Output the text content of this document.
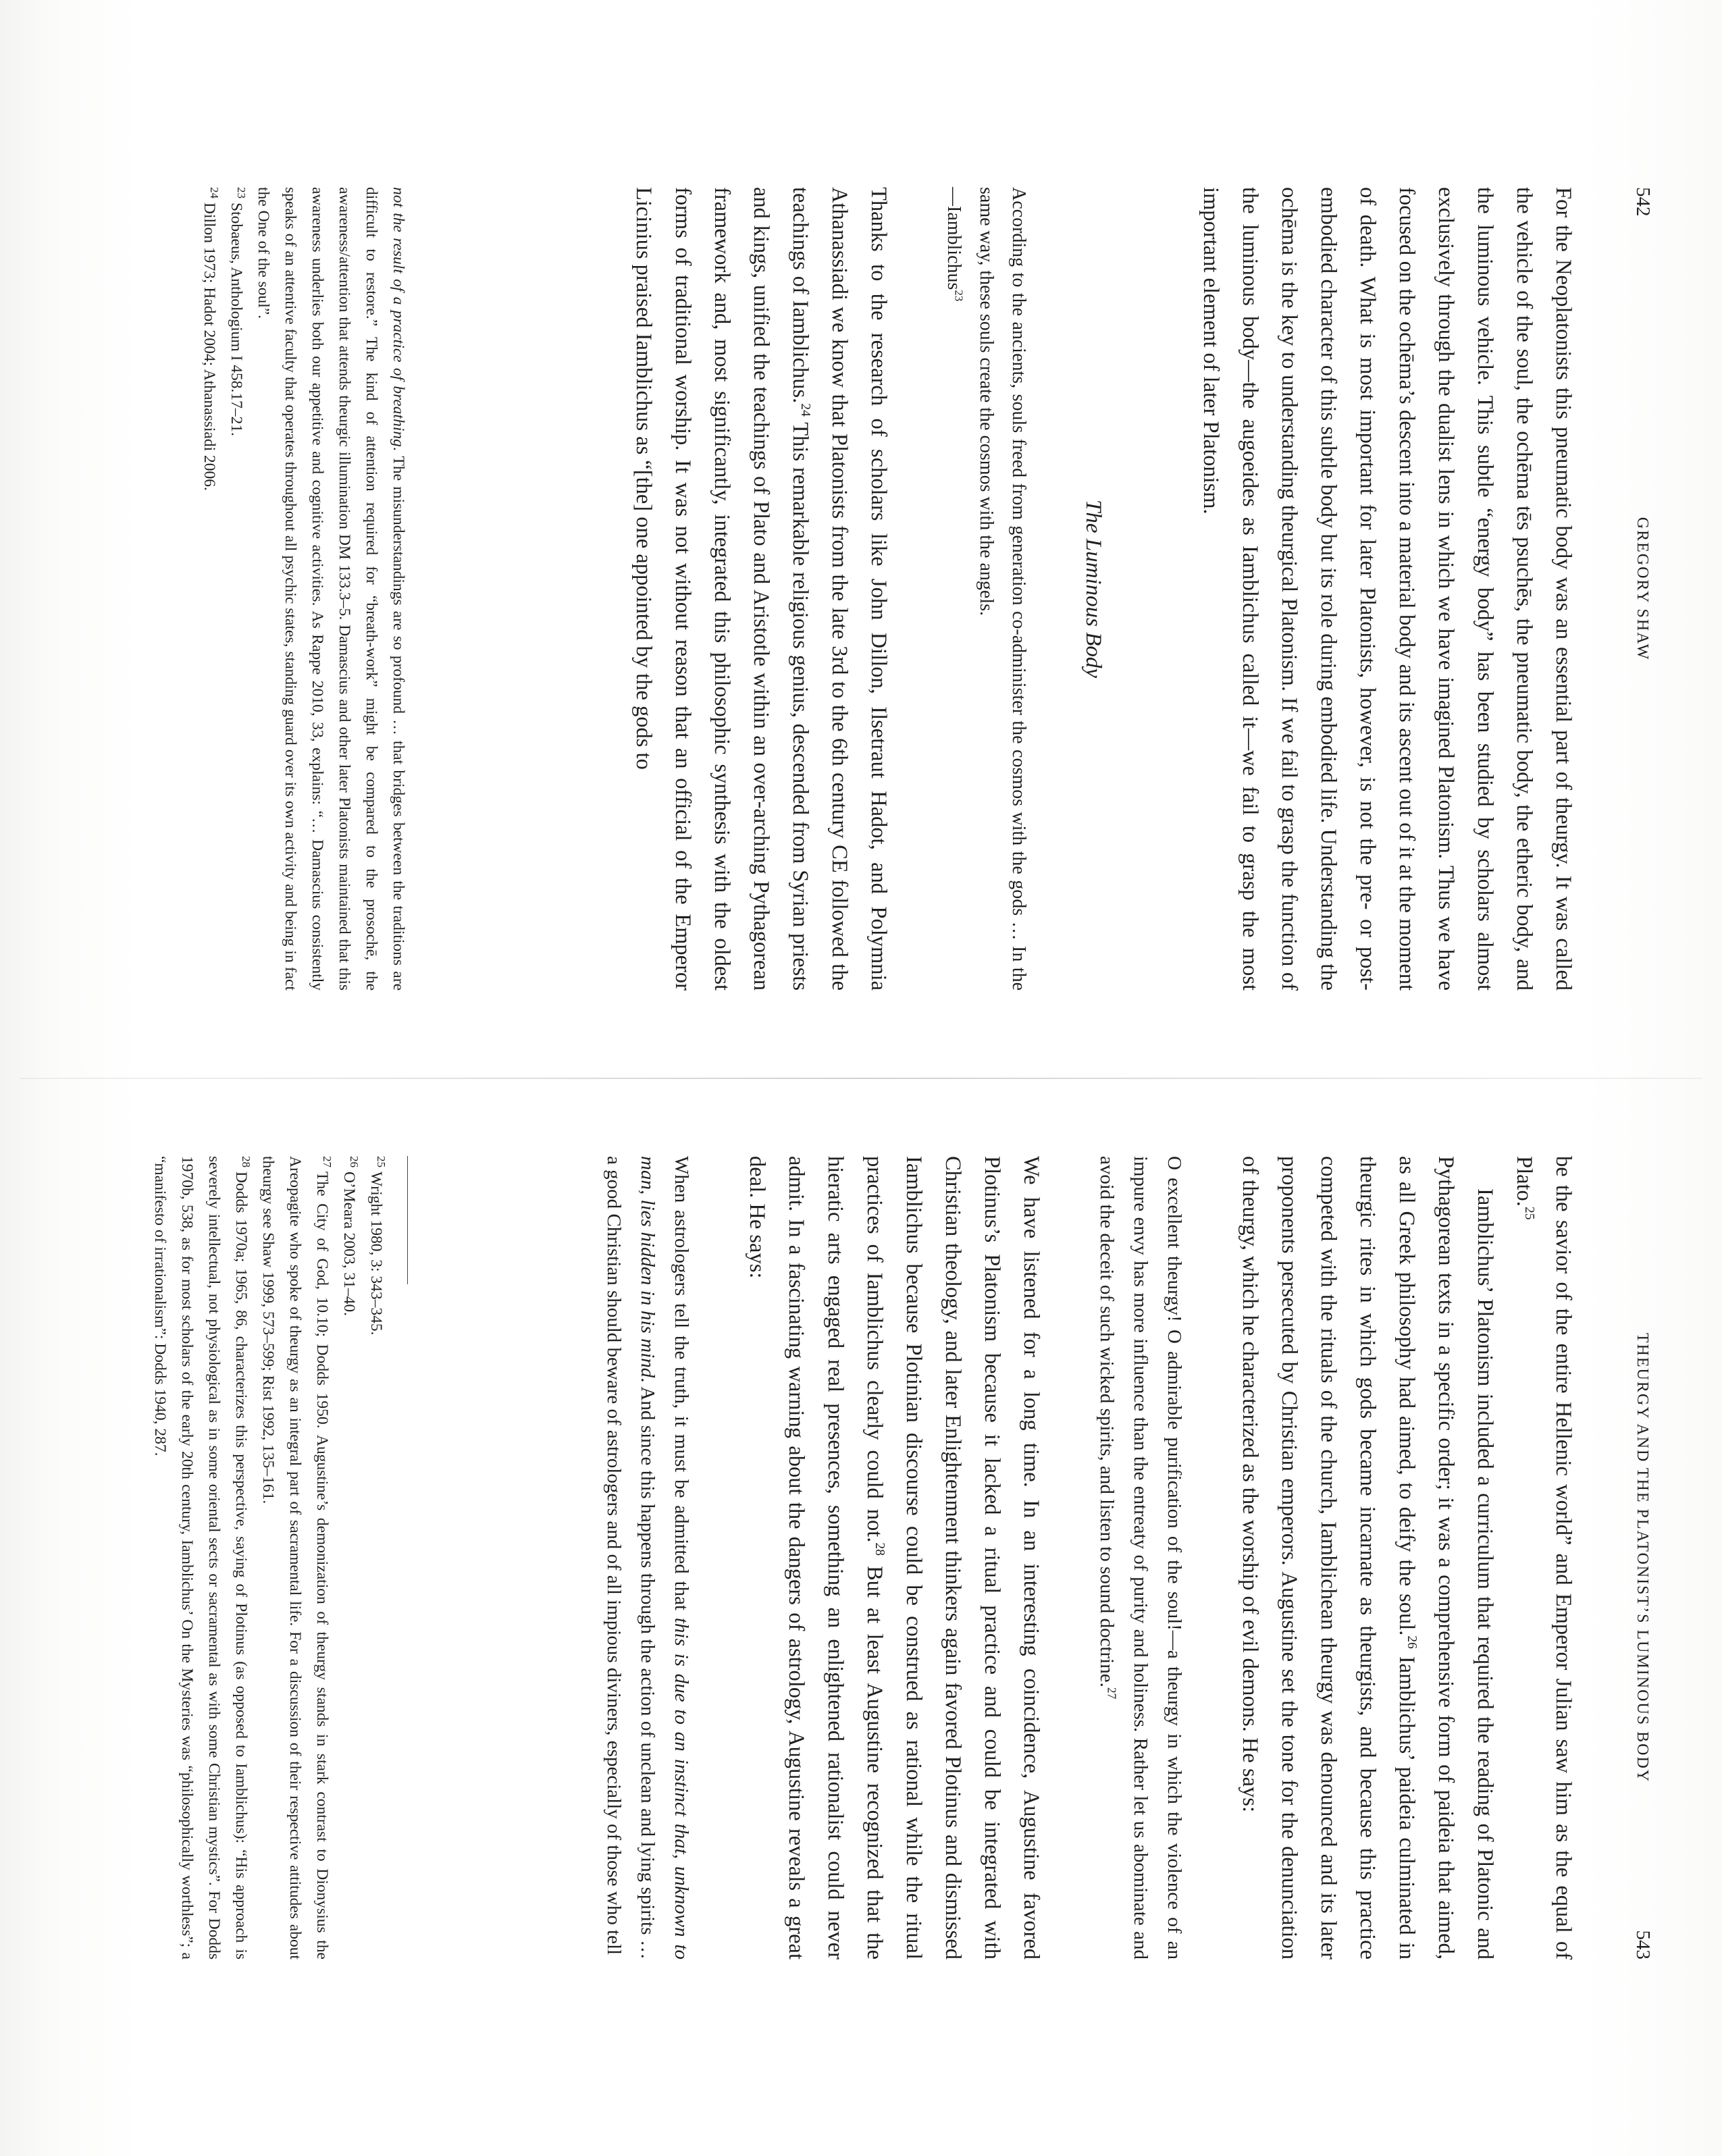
542
GREGORY SHAW

For the Neoplatonists this pneumatic body was an essential part of theurgy. It was called the vehicle of the soul, the ochēma tēs psuchēs, the pneumatic body, the etheric body, and the luminous vehicle. This subtle “energy body” has been studied by scholars almost exclusively through the dualist lens in which we have imagined Platonism. Thus we have focused on the ochēma’s descent into a material body and its ascent out of it at the moment of death. What is most important for later Platonists, however, is not the pre- or post-embodied character of this subtle body but its role during embodied life. Understanding the ochēma is the key to understanding theurgical Platonism. If we fail to grasp the function of the luminous body—the augoeides as Iamblichus called it—we fail to grasp the most important element of later Platonism.

The Luminous Body

According to the ancients, souls freed from generation co-administer the cosmos with the gods … In the same way, these souls create the cosmos with the angels.

—Iamblichus$^{23}$

Thanks to the research of scholars like John Dillon, Ilsetraut Hadot, and Polymnia Athanassiadi we know that Platonists from the late 3rd to the 6th century CE followed the teachings of Iamblichus.$^{24}$ This remarkable religious genius, descended from Syrian priests and kings, unified the teachings of Plato and Aristotle within an over-arching Pythagorean framework and, most significantly, integrated this philosophic synthesis with the oldest forms of traditional worship. It was not without reason that an official of the Emperor Licinius praised Iamblichus as “[the] one appointed by the gods to

not the result of a practice of breathing. The misunderstandings are so profound … that bridges between the traditions are difficult to restore.” The kind of attention required for “breath-work” might be compared to the prosochē, the awareness/attention that attends theurgic illumination DM 133.3–5. Damascius and other later Platonists maintained that this awareness underlies both our appetitive and cognitive activities. As Rappe 2010, 33, explains: “… Damascius consistently speaks of an attentive faculty that operates throughout all psychic states, standing guard over its own activity and being in fact the One of the soul”.

$^{23}$Stobaeus, Anthologium I 458.17–21.

$^{24}$Dillon 1973; Hadot 2004; Athanassiadi 2006.

THEURGY AND THE PLATONIST’S LUMINOUS BODY
543

be the savior of the entire Hellenic world” and Emperor Julian saw him as the equal of Plato.$^{25}$

Iamblichus’ Platonism included a curriculum that required the reading of Platonic and Pythagorean texts in a specific order; it was a comprehensive form of paideia that aimed, as all Greek philosophy had aimed, to deify the soul.$^{26}$ Iamblichus’ paideia culminated in theurgic rites in which gods became incarnate as theurgists, and because this practice competed with the rituals of the church, Iamblichean theurgy was denounced and its later proponents persecuted by Christian emperors. Augustine set the tone for the denunciation of theurgy, which he characterized as the worship of evil demons. He says:

O excellent theurgy! O admirable purification of the soul!—a theurgy in which the violence of an impure envy has more influence than the entreaty of purity and holiness. Rather let us abominate and avoid the deceit of such wicked spirits, and listen to sound doctrine.$^{27}$

We have listened for a long time. In an interesting coincidence, Augustine favored Plotinus’s Platonism because it lacked a ritual practice and could be integrated with Christian theology, and later Enlightenment thinkers again favored Plotinus and dismissed Iamblichus because Plotinian discourse could be construed as rational while the ritual practices of Iamblichus clearly could not.$^{28}$ But at least Augustine recognized that the hieratic arts engaged real presences, something an enlightened rationalist could never admit. In a fascinating warning about the dangers of astrology, Augustine reveals a great deal. He says:

When astrologers tell the truth, it must be admitted that this is due to an instinct that, unknown to man, lies hidden in his mind. And since this happens through the action of unclean and lying spirits … a good Christian should beware of astrologers and of all impious diviners, especially of those who tell

$^{25}$Wright 1980, 3: 343–345.

$^{26}$O’Meara 2003, 31–40.

$^{27}$The City of God, 10.10; Dodds 1950. Augustine’s demonization of theurgy stands in stark contrast to Dionysius the Areopagite who spoke of theurgy as an integral part of sacramental life. For a discussion of their respective attitudes about theurgy see Shaw 1999, 573–599; Rist 1992, 135–161.

$^{28}$Dodds 1970a; 1965, 86, characterizes this perspective, saying of Plotinus (as opposed to Iamblichus): “His approach is severely intellectual, not physiological as in some oriental sects or sacramental as with some Christian mystics”. For Dodds 1970b, 538, as for most scholars of the early 20th century, Iamblichus’ On the Mysteries was “philosophically worthless”; a “manifesto of irrationalism”: Dodds 1940, 287.
